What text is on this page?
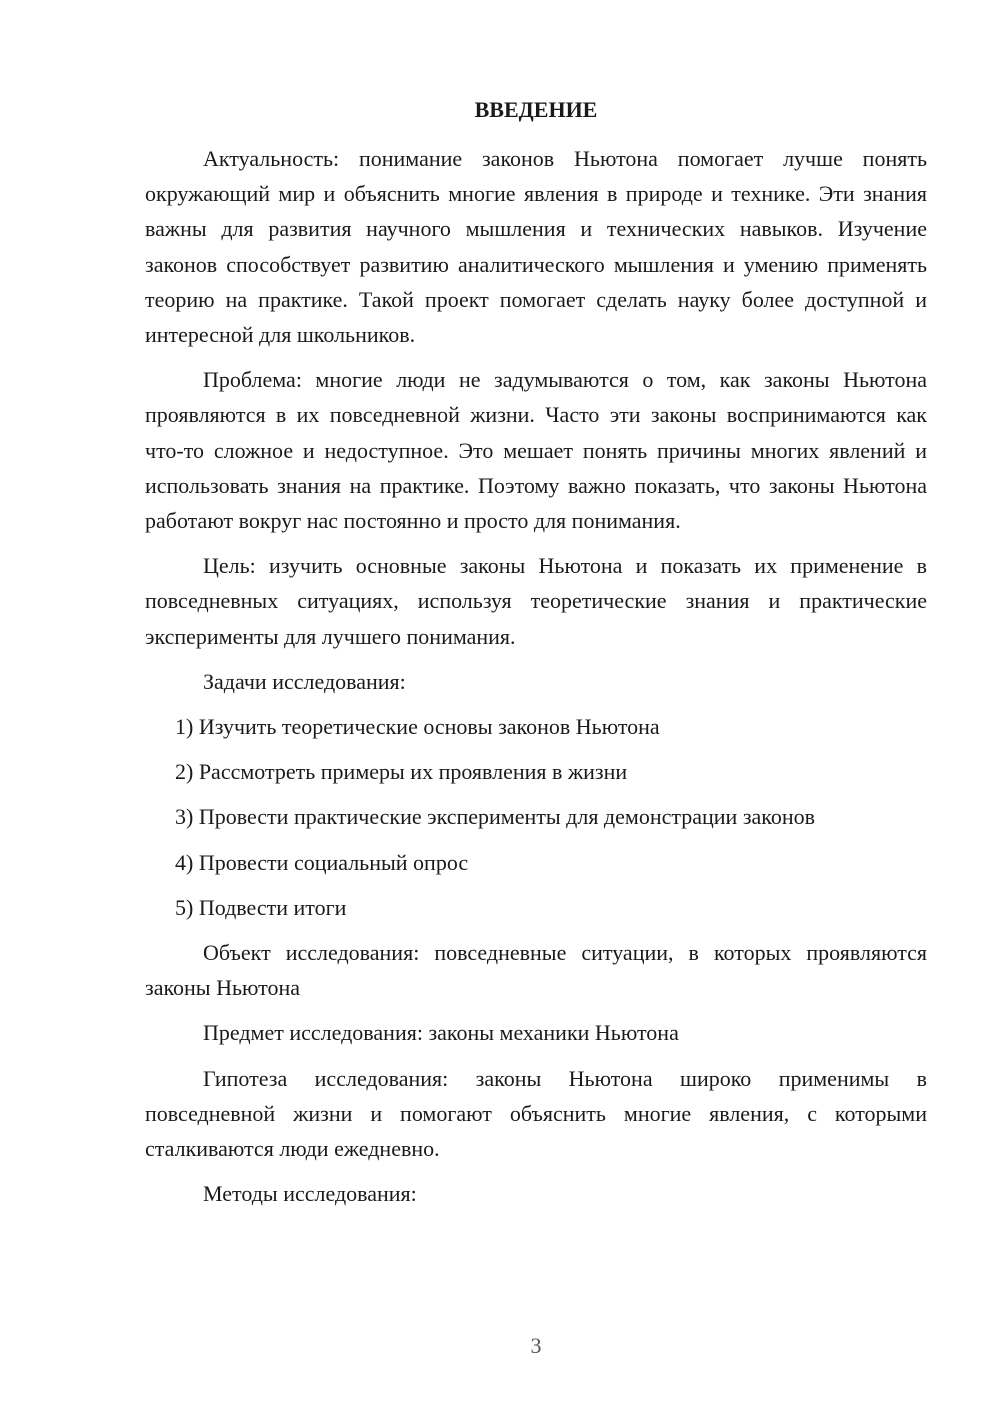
ВВЕДЕНИЕ

Актуальность: понимание законов Ньютона помогает лучше понять окружающий мир и объяснить многие явления в природе и технике. Эти знания важны для развития научного мышления и технических навыков. Изучение законов способствует развитию аналитического мышления и умению применять теорию на практике. Такой проект помогает сделать науку более доступной и интересной для школьников.

Проблема: многие люди не задумываются о том, как законы Ньютона проявляются в их повседневной жизни. Часто эти законы воспринимаются как что-то сложное и недоступное. Это мешает понять причины многих явлений и использовать знания на практике. Поэтому важно показать, что законы Ньютона работают вокруг нас постоянно и просто для понимания.

Цель: изучить основные законы Ньютона и показать их применение в повседневных ситуациях, используя теоретические знания и практические эксперименты для лучшего понимания.

Задачи исследования:

1) Изучить теоретические основы законов Ньютона

2) Рассмотреть примеры их проявления в жизни

3) Провести практические эксперименты для демонстрации законов

4) Провести социальный опрос

5) Подвести итоги

Объект исследования: повседневные ситуации, в которых проявляются законы Ньютона

Предмет исследования: законы механики Ньютона

Гипотеза исследования: законы Ньютона широко применимы в повседневной жизни и помогают объяснить многие явления, с которыми сталкиваются люди ежедневно.

Методы исследования:

3
